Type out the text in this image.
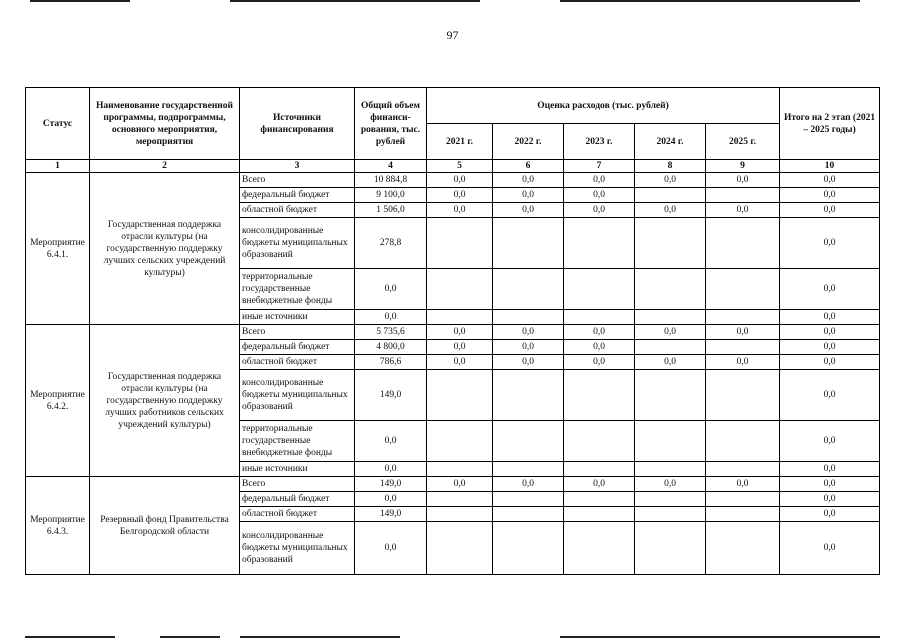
97
Статус	Наименование государственной программы, подпрограммы, основного мероприятия, мероприятия	Источники финансирования	Общий объем финанси-рования, тыс. рублей	Оценка расходов (тыс. рублей)					Итого на 2 этап (2021 – 2025 годы)
				2021 г.	2022 г.	2023 г.	2024 г.	2025 г.	
1	2	3	4	5	6	7	8	9	10
Мероприятие 6.4.1.	Государственная поддержка отрасли культуры (на государственную поддержку лучших сельских учреждений культуры)	Всего	10 884,8	0,0	0,0	0,0	0,0	0,0	0,0
		федеральный бюджет	9 100,0	0,0	0,0	0,0			0,0
		областной бюджет	1 506,0	0,0	0,0	0,0	0,0	0,0	0,0
		консолидированные бюджеты муниципальных образований	278,8						0,0
		территориальные государственные внебюджетные фонды	0,0						0,0
		иные источники	0,0						0,0
Мероприятие 6.4.2.	Государственная поддержка отрасли культуры (на государственную поддержку лучших работников сельских учреждений культуры)	Всего	5 735,6	0,0	0,0	0,0	0,0	0,0	0,0
		федеральный бюджет	4 800,0	0,0	0,0	0,0			0,0
		областной бюджет	786,6	0,0	0,0	0,0	0,0	0,0	0,0
		консолидированные бюджеты муниципальных образований	149,0						0,0
		территориальные государственные внебюджетные фонды	0,0						0,0
		иные источники	0,0						0,0
Мероприятие 6.4.3.	Резервный фонд Правительства Белгородской области	Всего	149,0	0,0	0,0	0,0	0,0	0,0	0,0
		федеральный бюджет	0,0						0,0
		областной бюджет	149,0						0,0
		консолидированные бюджеты муниципальных образований	0,0						0,0
